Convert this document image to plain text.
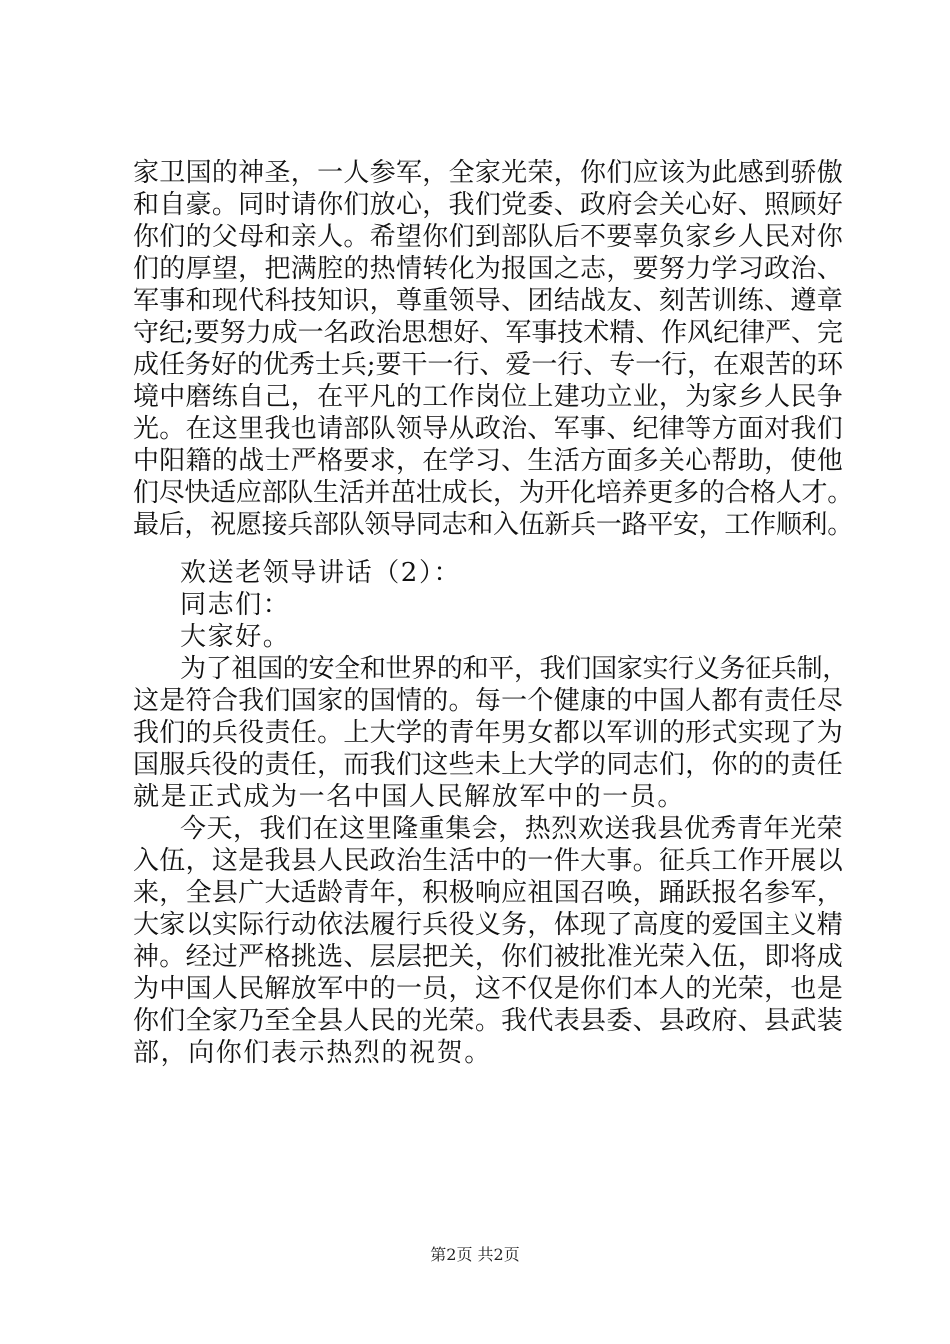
家卫国的神圣，一人参军，全家光荣，你们应该为此感到骄傲
和自豪。同时请你们放心，我们党委、政府会关心好、照顾好
你们的父母和亲人。希望你们到部队后不要辜负家乡人民对你
们的厚望，把满腔的热情转化为报国之志，要努力学习政治、
军事和现代科技知识，尊重领导、团结战友、刻苦训练、遵章
守纪;要努力成一名政治思想好、军事技术精、作风纪律严、完
成任务好的优秀士兵;要干一行、爱一行、专一行，在艰苦的环
境中磨练自己，在平凡的工作岗位上建功立业，为家乡人民争
光。在这里我也请部队领导从政治、军事、纪律等方面对我们
中阳籍的战士严格要求，在学习、生活方面多关心帮助，使他
们尽快适应部队生活并茁壮成长，为开化培养更多的合格人才。
最后，祝愿接兵部队领导同志和入伍新兵一路平安，工作顺利。
欢送老领导讲话（2）：
同志们：
大家好。
为了祖国的安全和世界的和平，我们国家实行义务征兵制，
这是符合我们国家的国情的。每一个健康的中国人都有责任尽
我们的兵役责任。上大学的青年男女都以军训的形式实现了为
国服兵役的责任，而我们这些未上大学的同志们，你的的责任
就是正式成为一名中国人民解放军中的一员。
今天，我们在这里隆重集会，热烈欢送我县优秀青年光荣
入伍，这是我县人民政治生活中的一件大事。征兵工作开展以
来，全县广大适龄青年，积极响应祖国召唤，踊跃报名参军，
大家以实际行动依法履行兵役义务，体现了高度的爱国主义精
神。经过严格挑选、层层把关，你们被批准光荣入伍，即将成
为中国人民解放军中的一员，这不仅是你们本人的光荣，也是
你们全家乃至全县人民的光荣。我代表县委、县政府、县武装
部，向你们表示热烈的祝贺。
第2页 共2页
